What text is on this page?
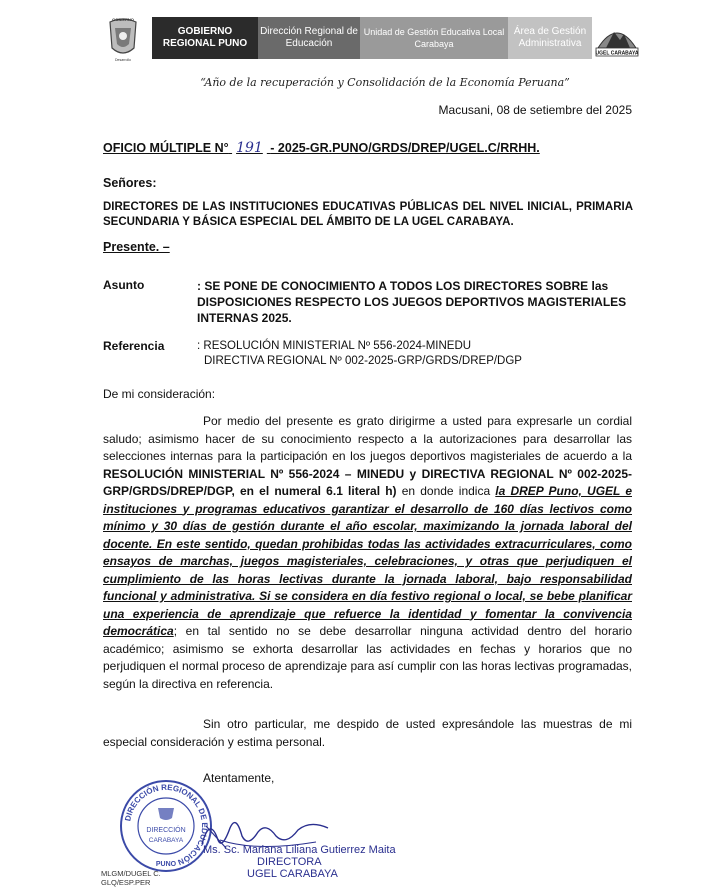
GOBIERNO
Desarrollo
GOBIERNO REGIONAL PUNO
Dirección Regional de Educación
Unidad de Gestión Educativa Local Carabaya
Área de Gestión Administrativa
UGEL CARABAYA
“Año de la recuperación y Consolidación de la Economía Peruana”
Macusani, 08 de setiembre del 2025
OFICIO MÚLTIPLE N° 191 - 2025-GR.PUNO/GRDS/DREP/UGEL.C/RRHH.
Señores:
DIRECTORES DE LAS INSTITUCIONES EDUCATIVAS PÚBLICAS DEL NIVEL INICIAL, PRIMARIA SECUNDARIA Y BÁSICA ESPECIAL DEL ÁMBITO DE LA UGEL CARABAYA.
Presente. –
Asunto	: SE PONE DE CONOCIMIENTO A TODOS LOS DIRECTORES SOBRE las DISPOSICIONES RESPECTO LOS JUEGOS DEPORTIVOS MAGISTERIALES INTERNAS 2025.
Referencia	: RESOLUCIÓN MINISTERIAL Nº 556-2024-MINEDU
DIRECTIVA REGIONAL Nº 002-2025-GRP/GRDS/DREP/DGP
De mi consideración:

Por medio del presente es grato dirigirme a usted para expresarle un cordial saludo; asimismo hacer de su conocimiento respecto a la autorizaciones para desarrollar las selecciones internas para la participación en los juegos deportivos magisteriales de acuerdo a la RESOLUCIÓN MINISTERIAL Nº 556-2024 – MINEDU y DIRECTIVA REGIONAL Nº 002-2025-GRP/GRDS/DREP/DGP, en el numeral 6.1 literal h) en donde indica la DREP Puno, UGEL e instituciones y programas educativos garantizar el desarrollo de 160 días lectivos como mínimo y 30 días de gestión durante el año escolar, maximizando la jornada laboral del docente. En este sentido, quedan prohibidas todas las actividades extracurriculares, como ensayos de marchas, juegos magisteriales, celebraciones, y otras que perjudiquen el cumplimiento de las horas lectivas durante la jornada laboral, bajo responsabilidad funcional y administrativa. Si se considera en día festivo regional o local, se bebe planificar una experiencia de aprendizaje que refuerce la identidad y fomentar la convivencia democrática; en tal sentido no se debe desarrollar ninguna actividad dentro del horario académico; asimismo se exhorta desarrollar las actividades en fechas y horarios que no perjudiquen el normal proceso de aprendizaje para así cumplir con las horas lectivas programadas, según la directiva en referencia.

Sin otro particular, me despido de usted expresándole las muestras de mi especial consideración y estima personal.

Atentamente,
DIRECCIÓN REGIONAL DE EDUCACIÓN
DIRECCIÓN
CARABAYA
PUNO
Ms. Sc. Mariana Liliana Gutierrez Maita
DIRECTORA
UGEL CARABAYA
MLGM/DUGEL C.
GLQ/ESP.PER
